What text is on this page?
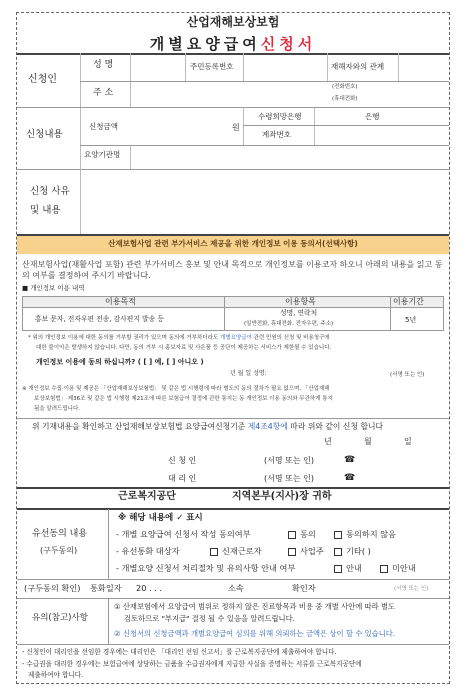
산업재해보상보험
개별요양급여신청서
신청인
성 명	주민등록번호	재해자와의 관계
주 소
(전화번호)
(휴대전화)
신청내용
신청금액	원
수령희망은행	은행
계좌번호
요양기관명
신청 사유
및 내용
산재보험사업 관련 부가서비스 제공을 위한 개인정보 이용 동의서(선택사항)
산재보험사업(재활사업 포함) 관련 부가서비스 홍보 및 안내 목적으로 개인정보를 이용코자 하오니 아래의 내용을 읽고 동의 여부를 결정하여 주시기 바랍니다.
■ 개인정보 이용 내역
이용목적	이용항목	이용기간
홍보 문자, 전자우편 전송, 감사편지 발송 등
성명, 연락처
(일반전화, 휴대전화, 전자우편, 주소)	5년
* 위의 개인정보 이용에 대한 동의를 거부할 권리가 있으며 동의에 거부하더라도 개별요양급여 관련 민원의 신청 및 비용청구에
대한 불이익은 발생하지 않습니다. 다만, 동의 거부 시 홍보자료 및 사은품 등 공단이 제공하는 서비스가 제한될 수 있습니다.
개인정보 이용에 동의 하십니까? ( [ ] 예, [ ] 아니오 )
년 월 일 성명:	(서명 또는 인)
※ 개인정보 수집·이용 및 제공은 「산업재해보상보험법」 및 같은 법 시행령에 따라 별도의 동의 절차가 필요 없으며, 「산업재해
보상보험법」 제36조 및 같은 법 시행령 제21조에 따른 보험급여 결정에 관한 통지는 동 개인정보 이용 동의와 무관하게 통지
됨을 알려드립니다.
위 기재내용을 확인하고 산업재해보상보험법 요양급여신청기준 제4조4항에 따라 위와 같이 신청 합니다
년	월	일
신 청 인	(서명 또는 인)	☎
대 리 인	(서명 또는 인)	☎
근로복지공단	지역본부(지사)장 귀하
유선동의 내용
(구두동의)
※ 해당 내용에 ✓ 표시
- 개별 요양급여 신청서 작성 동의여부	동의	동의하지 않음
- 유선통화 대상자	신재근로자	사업주	기타( )
- 개별요양 신청서 처리절차 및 유의사항 안내 여부	안내	미안내
(구두동의 확인) 통화일자 20 . . .	소속	확인자	(서명 또는 인)
유의(참고)사항
① 산재보험에서 요양급여 범위로 정하지 않은 진료항목과 비용 중 개별 사안에 따라 별도
검토하므로 "부지급" 결정 될 수 있음을 알려드립니다.
② 신청서의 신청금액과 개별요양급여 심의를 위해 의뢰하는 금액은 상이 할 수 있습니다.
- 신청인이 대리인을 선임한 경우에는 대리인은 「대리인 선임 신고서」를 근로복지공단에 제출하여야 합니다.
- 수급권을 대리한 경우에는 보험급여에 상당하는 금품을 수급권자에게 지급한 사실을 증명하는 서류를 근로복지공단에
제출하여야 합니다.
